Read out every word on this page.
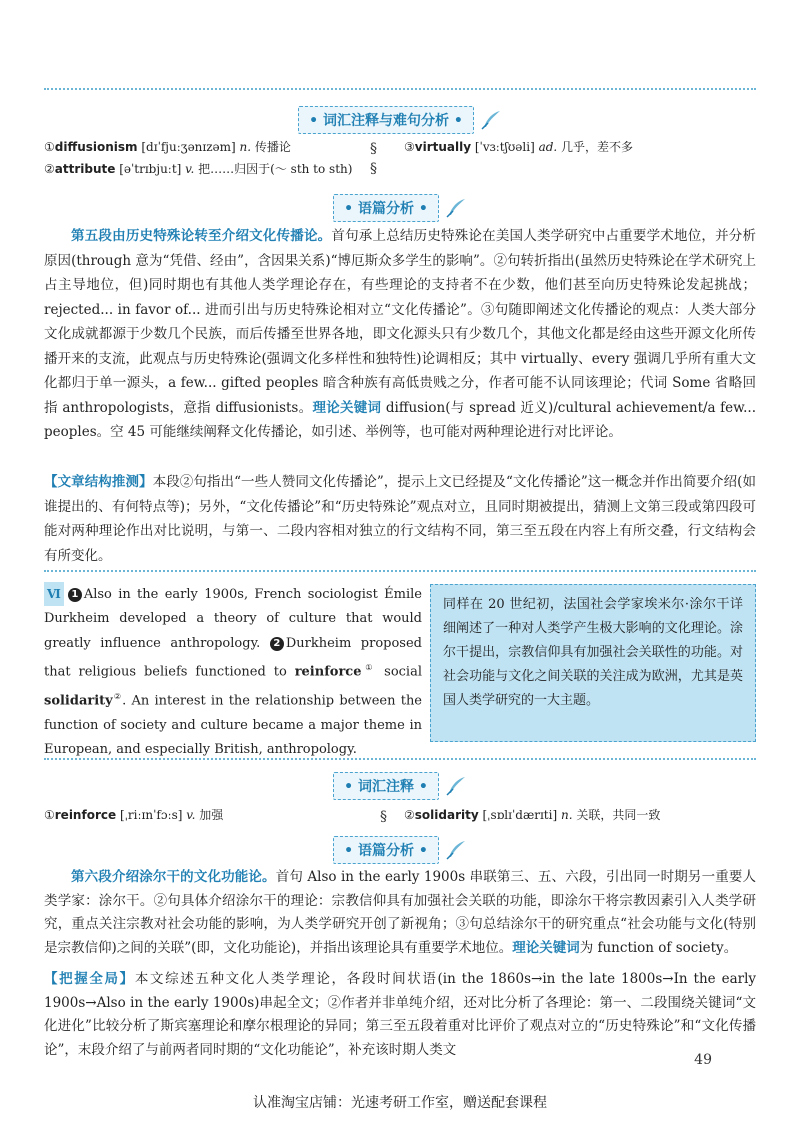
• 词汇注释与难句分析 •
①diffusionism [dɪˈfjuːʒənɪzəm] n. 传播论
②attribute [əˈtrɪbjuːt] v. 把……归因于(～ sth to sth)
§
§
③virtually [ˈvɜːtʃʊəli] ad. 几乎，差不多
• 语篇分析 •
第五段由历史特殊论转至介绍文化传播论。首句承上总结历史特殊论在美国人类学研究中占重要学术地位，并分析原因(through 意为“凭借、经由”，含因果关系)“博厄斯众多学生的影响”。②句转折指出(虽然历史特殊论在学术研究上占主导地位，但)同时期也有其他人类学理论存在，有些理论的支持者不在少数，他们甚至向历史特殊论发起挑战；rejected... in favor of... 进而引出与历史特殊论相对立“文化传播论”。③句随即阐述文化传播论的观点：人类大部分文化成就都源于少数几个民族，而后传播至世界各地，即文化源头只有少数几个，其他文化都是经由这些开源文化所传播开来的支流，此观点与历史特殊论(强调文化多样性和独特性)论调相反；其中 virtually、every 强调几乎所有重大文化都归于单一源头，a few... gifted peoples 暗含种族有高低贵贱之分，作者可能不认同该理论；代词 Some 省略回指 anthropologists，意指 diffusionists。理论关键词 diffusion(与 spread 近义)/cultural achievement/a few... peoples。空 45 可能继续阐释文化传播论，如引述、举例等，也可能对两种理论进行对比评论。
【文章结构推测】本段②句指出“一些人赞同文化传播论”，提示上文已经提及“文化传播论”这一概念并作出简要介绍(如谁提出的、有何特点等)；另外，“文化传播论”和“历史特殊论”观点对立，且同时期被提出，猜测上文第三段或第四段可能对两种理论作出对比说明，与第一、二段内容相对独立的行文结构不同，第三至五段在内容上有所交叠，行文结构会有所变化。
Ⅵ 1 Also in the early 1900s, French sociologist Émile Durkheim developed a theory of culture that would greatly influence anthropology. 2 Durkheim proposed that religious beliefs functioned to reinforce① social solidarity②. An interest in the relationship between the function of society and culture became a major theme in European, and especially British, anthropology.
同样在 20 世纪初，法国社会学家埃米尔·涂尔干详细阐述了一种对人类学产生极大影响的文化理论。涂尔干提出，宗教信仰具有加强社会关联性的功能。对社会功能与文化之间关联的关注成为欧洲，尤其是英国人类学研究的一大主题。
• 词汇注释 •
①reinforce [ˌriːɪnˈfɔːs] v. 加强	§ ②solidarity [ˌsɒlɪˈdærɪti] n. 关联，共同一致
• 语篇分析 •
第六段介绍涂尔干的文化功能论。首句 Also in the early 1900s 串联第三、五、六段，引出同一时期另一重要人类学家：涂尔干。②句具体介绍涂尔干的理论：宗教信仰具有加强社会关联的功能，即涂尔干将宗教因素引入人类学研究，重点关注宗教对社会功能的影响，为人类学研究开创了新视角；③句总结涂尔干的研究重点“社会功能与文化(特别是宗教信仰)之间的关联”(即，文化功能论)，并指出该理论具有重要学术地位。理论关键词为 function of society。
【把握全局】本文综述五种文化人类学理论，各段时间状语(in the 1860s→in the late 1800s→In the early 1900s→Also in the early 1900s)串起全文；②作者并非单纯介绍，还对比分析了各理论：第一、二段围绕关键词“文化进化”比较分析了斯宾塞理论和摩尔根理论的异同；第三至五段着重对比评价了观点对立的“历史特殊论”和“文化传播论”，末段介绍了与前两者同时期的“文化功能论”，补充该时期人类文
49
认准淘宝店铺：光速考研工作室，赠送配套课程
